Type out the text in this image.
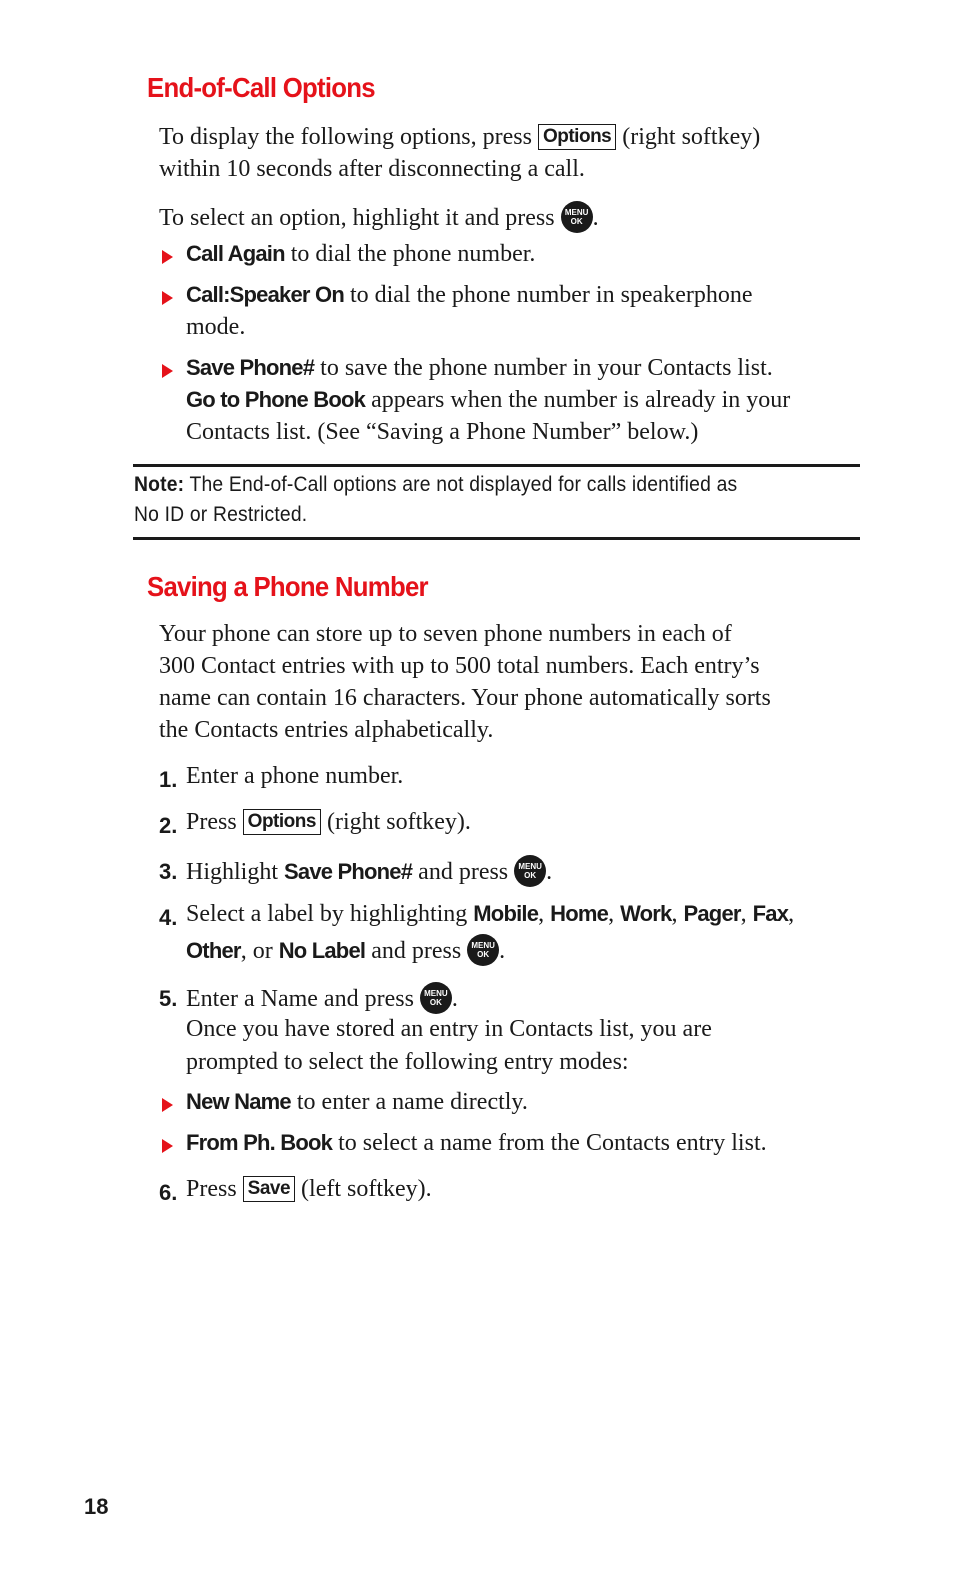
End-of-Call Options
To display the following options, press Options (right softkey)
within 10 seconds after disconnecting a call.
To select an option, highlight it and press	MENU
OK .
Call Again to dial the phone number.
Call:Speaker On to dial the phone number in speakerphone
mode.
Save Phone# to save the phone number in your Contacts list.
Go to Phone Book appears when the number is already in your
Contacts list. (See “Saving a Phone Number” below.)
Note: The End-of-Call options are not displayed for calls identified as
No ID or Restricted.
Saving a Phone Number
Your phone can store up to seven phone numbers in each of
300 Contact entries with up to 500 total numbers. Each entry’s
name can contain 16 characters. Your phone automatically sorts
the Contacts entries alphabetically.
1. Enter a phone number.
2. Press Options (right softkey).
3. Highlight Save Phone# and press	MENU
OK .
4. Select a label by highlighting Mobile, Home, Work, Pager, Fax,
Other, or No Label and press	MENU
OK .
5. Enter a Name and press	MENU
OK .
Once you have stored an entry in Contacts list, you are
prompted to select the following entry modes:
New Name to enter a name directly.
From Ph. Book to select a name from the Contacts entry list.
6. Press Save (left softkey).
18
